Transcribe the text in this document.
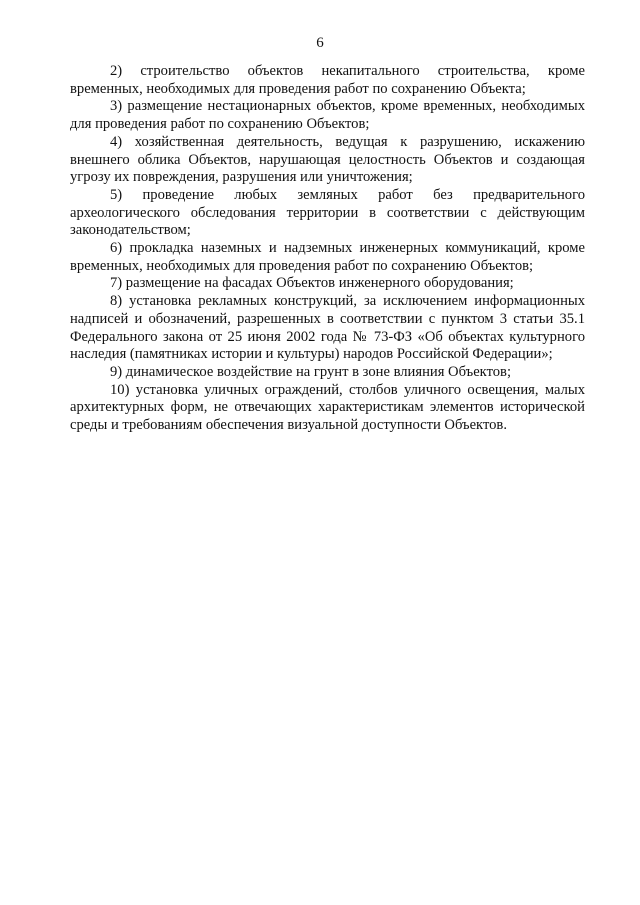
6

2) строительство объектов некапитального строительства, кроме временных, необходимых для проведения работ по сохранению Объекта;

3) размещение нестационарных объектов, кроме временных, необходимых для проведения работ по сохранению Объектов;

4) хозяйственная деятельность, ведущая к разрушению, искажению внешнего облика Объектов, нарушающая целостность Объектов и создающая угрозу их повреждения, разрушения или уничтожения;

5) проведение любых земляных работ без предварительного археологического обследования территории в соответствии с действующим законодательством;

6) прокладка наземных и надземных инженерных коммуникаций, кроме временных, необходимых для проведения работ по сохранению Объектов;

7) размещение на фасадах Объектов инженерного оборудования;

8) установка рекламных конструкций, за исключением информационных надписей и обозначений, разрешенных в соответствии с пунктом 3 статьи 35.1 Федерального закона от 25 июня 2002 года № 73-ФЗ «Об объектах культурного наследия (памятниках истории и культуры) народов Российской Федерации»;

9) динамическое воздействие на грунт в зоне влияния Объектов;

10) установка уличных ограждений, столбов уличного освещения, малых архитектурных форм, не отвечающих характеристикам элементов исторической среды и требованиям обеспечения визуальной доступности Объектов.
